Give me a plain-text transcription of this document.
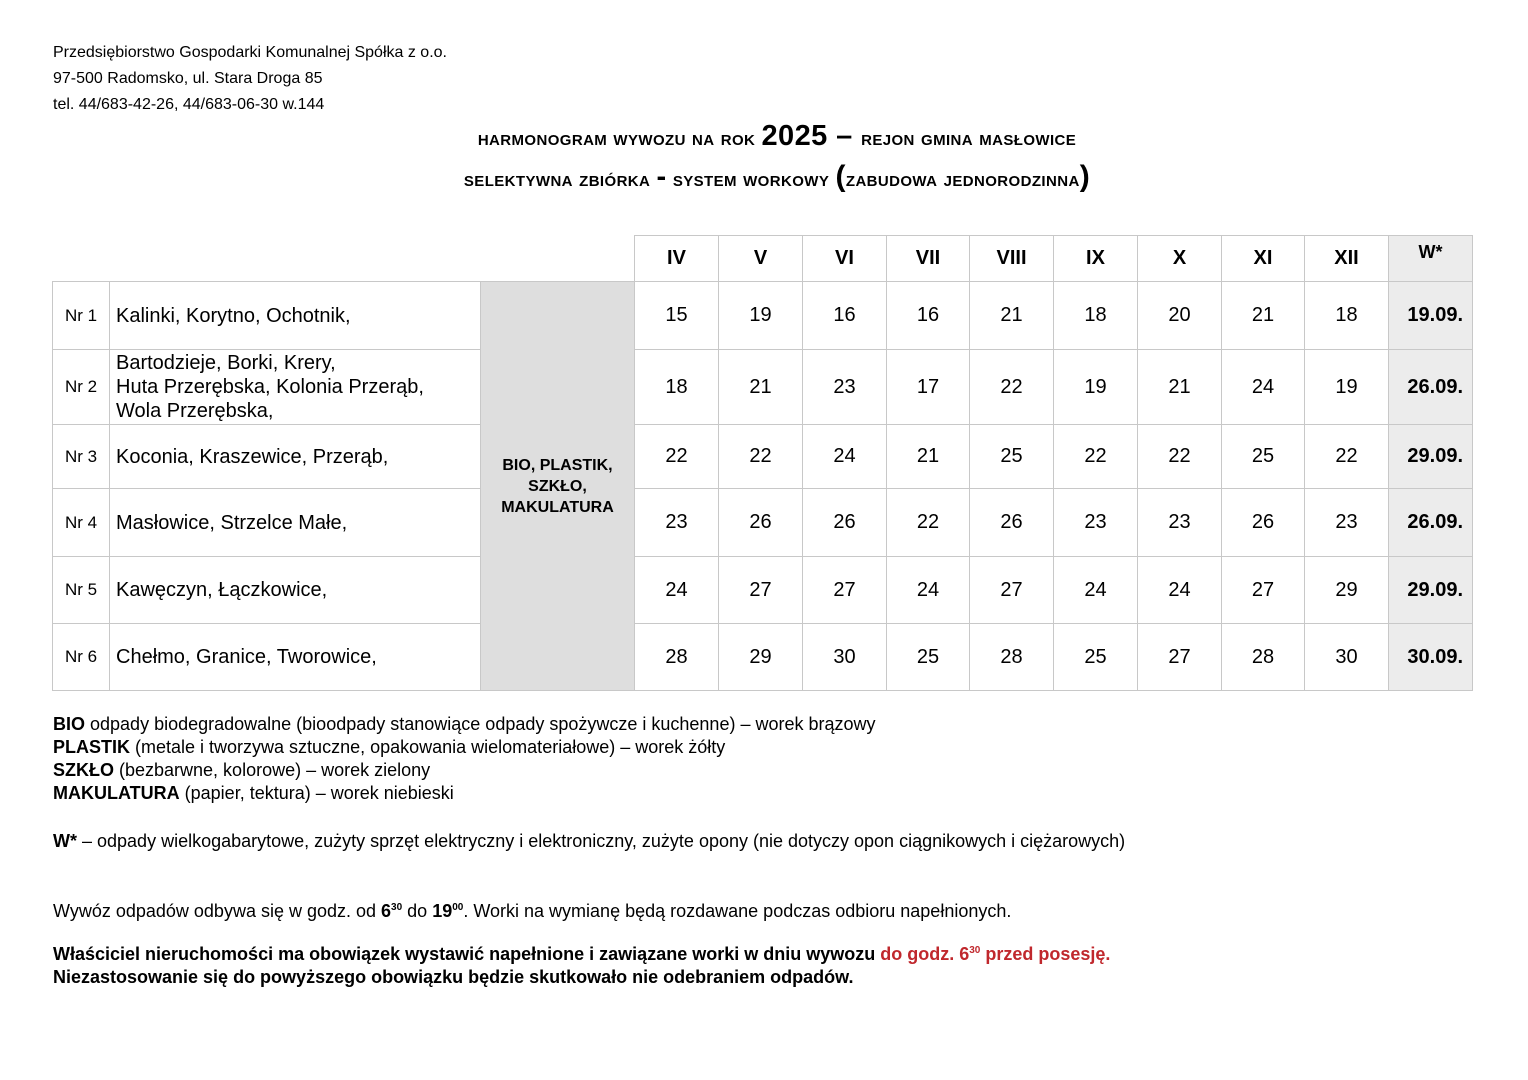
Przedsiębiorstwo Gospodarki Komunalnej Spółka z o.o.
97-500 Radomsko, ul. Stara Droga 85
tel. 44/683-42-26, 44/683-06-30 w.144
harmonogram wywozu na rok 2025 – rejon gmina masłowice
selektywna zbiórka - system workowy (zabudowa jednorodzinna)
			IV	V	VI	VII	VIII	IX	X	XI	XII	W*
Nr 1	Kalinki, Korytno, Ochotnik,	BIO, PLASTIK, SZKŁO, MAKULATURA	15	19	16	16	21	18	20	21	18	19.09.
Nr 2	Bartodzieje, Borki, Krery,
Huta Przerębska, Kolonia Przerąb,
Wola Przerębska,		18	21	23	17	22	19	21	24	19	26.09.
Nr 3	Koconia, Kraszewice, Przerąb,		22	22	24	21	25	22	22	25	22	29.09.
Nr 4	Masłowice, Strzelce Małe,		23	26	26	22	26	23	23	26	23	26.09.
Nr 5	Kawęczyn, Łączkowice,		24	27	27	24	27	24	24	27	29	29.09.
Nr 6	Chełmo, Granice, Tworowice,		28	29	30	25	28	25	27	28	30	30.09.
BIO odpady biodegradowalne (bioodpady stanowiące odpady spożywcze i kuchenne) – worek brązowy
PLASTIK (metale i tworzywa sztuczne, opakowania wielomateriałowe) – worek żółty
SZKŁO (bezbarwne, kolorowe) – worek zielony
MAKULATURA (papier, tektura) – worek niebieski
W* – odpady wielkogabarytowe, zużyty sprzęt elektryczny i elektroniczny, zużyte opony (nie dotyczy opon ciągnikowych i ciężarowych)
Wywóz odpadów odbywa się w godz. od $6^{30}$ do $19^{00}$. Worki na wymianę będą rozdawane podczas odbioru napełnionych.
Właściciel nieruchomości ma obowiązek wystawić napełnione i zawiązane worki w dniu wywozu do godz. $6^{30}$ przed posesję.
Niezastosowanie się do powyższego obowiązku będzie skutkowało nie odebraniem odpadów.
